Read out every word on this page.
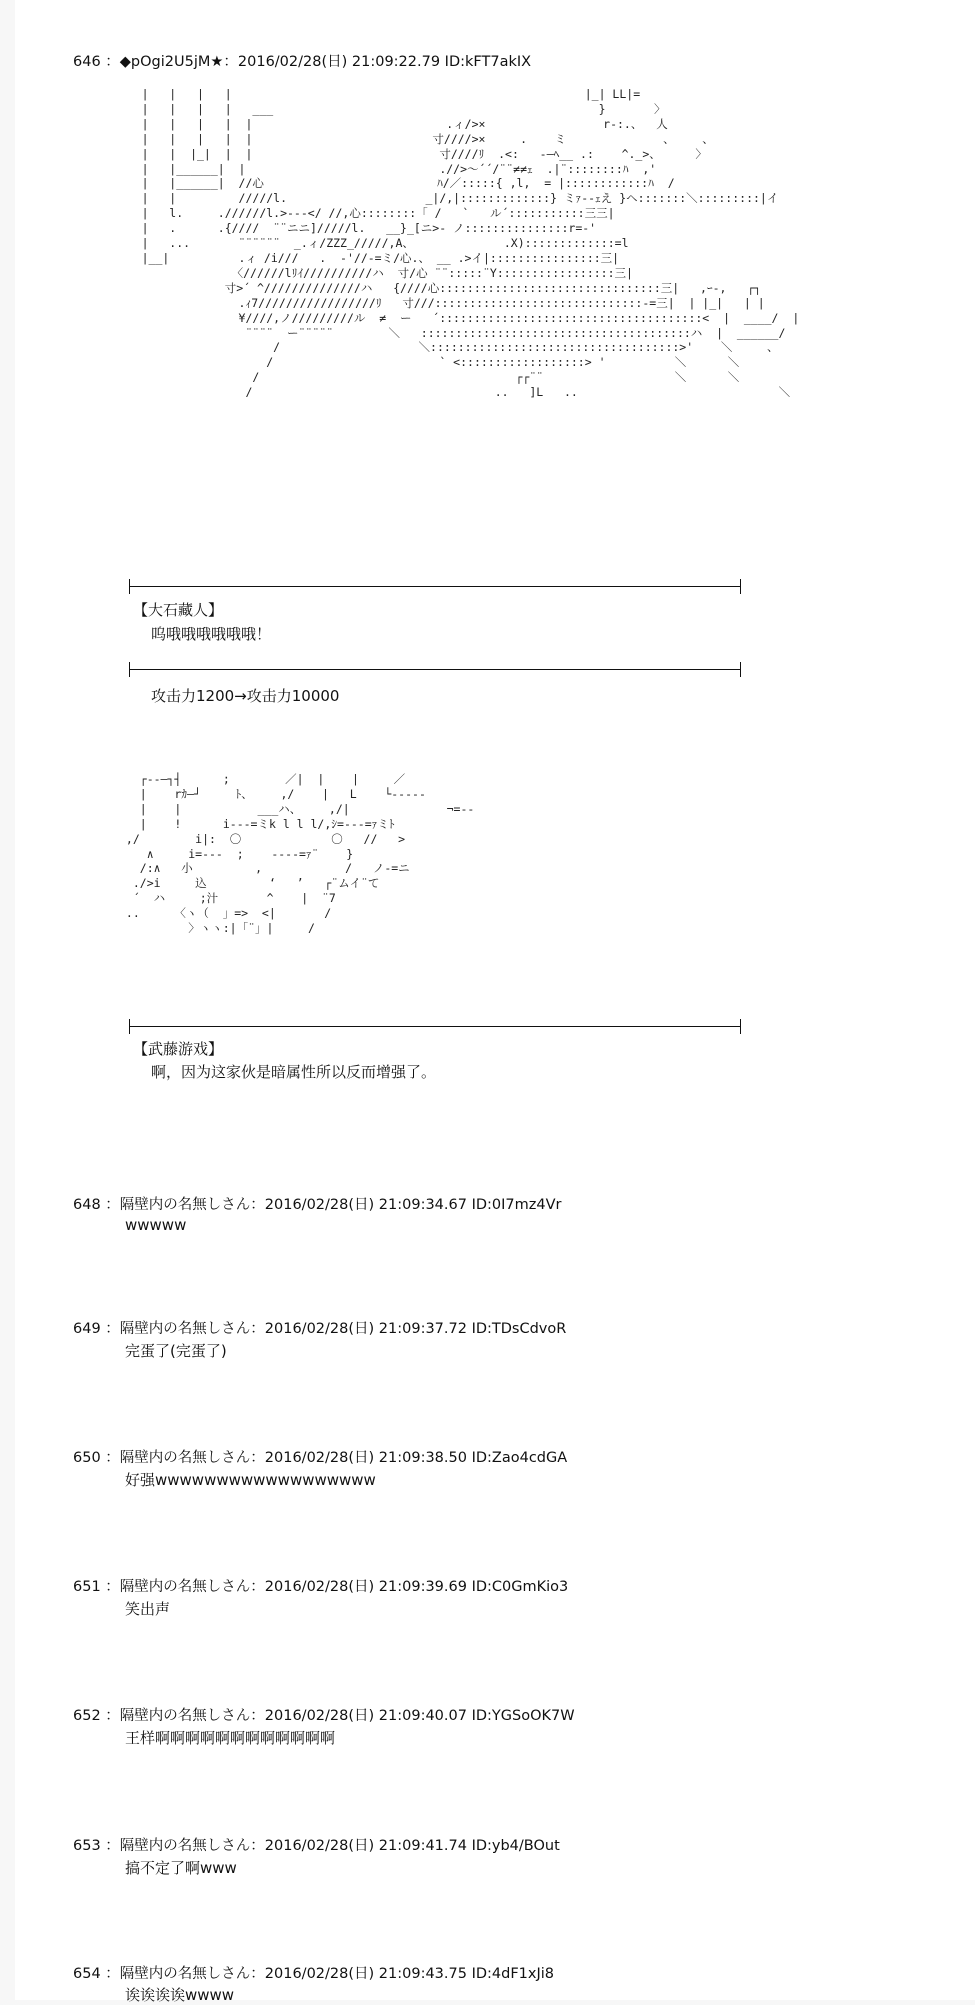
646 ：◆pOgi2U5jM★：2016/02/28(日) 21:09:22.79 ID:kFT7akIX
|   |   |   |                                                   |_| LL|=
|   |   |   |   ___                                               }       〉
|   |   |   |  |                            .ィ/>×                 r-:.、  人
|   |   |   |  |                          寸////>×     .    ミ              、    、
|   |  |_|  |  |                           寸////ﾘ  .<:   -—ﾍ__ .:    ^._>、     〉
|   |______|  |                            .//>～´´/¨¨≠≠ｪ  .|¨::::::::ﾊ  ,'
|   |______|  //心                         ﾊ/／:::::{ ,l,  = |::::::::::::ﾊ  /
|   |         /////l.                    _|/,|:::::::::::::} ミｧ--ｪえ }ヘ:::::::＼:::::::::|イ
|   l.     .//////l.>---</ //,心::::::::「 /   `   ル´:::::::::::三三|
|   .      .{////  ¨¨ニニ]/////l.   __}_[ニ>- ノ:::::::::::::::r=-'
|   ...       ¨¨¨¨¨¨  _.ィ/ZZZ_/////,A、             .X):::::::::::::=l
|__|          .ィ /i///   .  -'//-=ミ/心.、 __ .>イ|::::::::::::::::三|
〈//////lﾘｲ//////////ハ  寸/心 ¨¨:::::¨Y:::::::::::::::::三|
寸>´ ^//////////////ハ   {////心::::::::::::::::::::::::::::::::三|   ,ｰ-,   ┌┐
.ｨ7/////////////////ﾘ   寸///::::::::::::::::::::::::::::::-=三|  | |_|   | |
¥////,ノ/////////ル  ≠  ー   ´::::::::::::::::::::::::::::::::::::::<  |  ____/  |
¨¨¨¨  ー¨¨¨¨¨        ＼   :::::::::::::::::::::::::::::::::::::::ハ  |  ______/
/                    ＼::::::::::::::::::::::::::::::::::::>'    ＼     、
/                        ` <::::::::::::::::::> '          ＼      ＼
/                                     ┌┌¨¨                   ＼      ＼
/                                   ..   ]L   ..                             ＼
【大石藏人】
呜哦哦哦哦哦哦！
攻击力1200→攻击力10000
┌--—┐┤      ;        ／|  |    |     ／
|    rｶ—┘     ﾄ、    ,/    |   L    └-----
|    |           ___ハ、    ,/|              ¬=--
|    !      i---=ミk l l l/,ｼ=---=ｧミﾄ
,/        i|:  〇             〇   //   >
∧     i=---  ;    ----=ｧ¨    }
/:∧   小         ,            /   ノ-=ニ
./>i     込         ‘   ’   ┌¨ムイ¨て
´  ハ     ;汁       ^    |  ¨7
..     〈ヽ（  」=>  <|       /
〉ヽヽ:|「¨」|     /
【武藤游戏】
啊，因为这家伙是暗属性所以反而增强了。
648 ：隔壁内の名無しさん：2016/02/28(日) 21:09:34.67 ID:0I7mz4Vr
wwwww
649 ：隔壁内の名無しさん：2016/02/28(日) 21:09:37.72 ID:TDsCdvoR
完蛋了(完蛋了)
650 ：隔壁内の名無しさん：2016/02/28(日) 21:09:38.50 ID:Zao4cdGA
好强wwwwwwwwwwwwwwwwww
651 ：隔壁内の名無しさん：2016/02/28(日) 21:09:39.69 ID:C0GmKio3
笑出声
652 ：隔壁内の名無しさん：2016/02/28(日) 21:09:40.07 ID:YGSoOK7W
王样啊啊啊啊啊啊啊啊啊啊啊啊
653 ：隔壁内の名無しさん：2016/02/28(日) 21:09:41.74 ID:yb4/BOut
搞不定了啊www
654 ：隔壁内の名無しさん：2016/02/28(日) 21:09:43.75 ID:4dF1xJi8
诶诶诶诶wwww
